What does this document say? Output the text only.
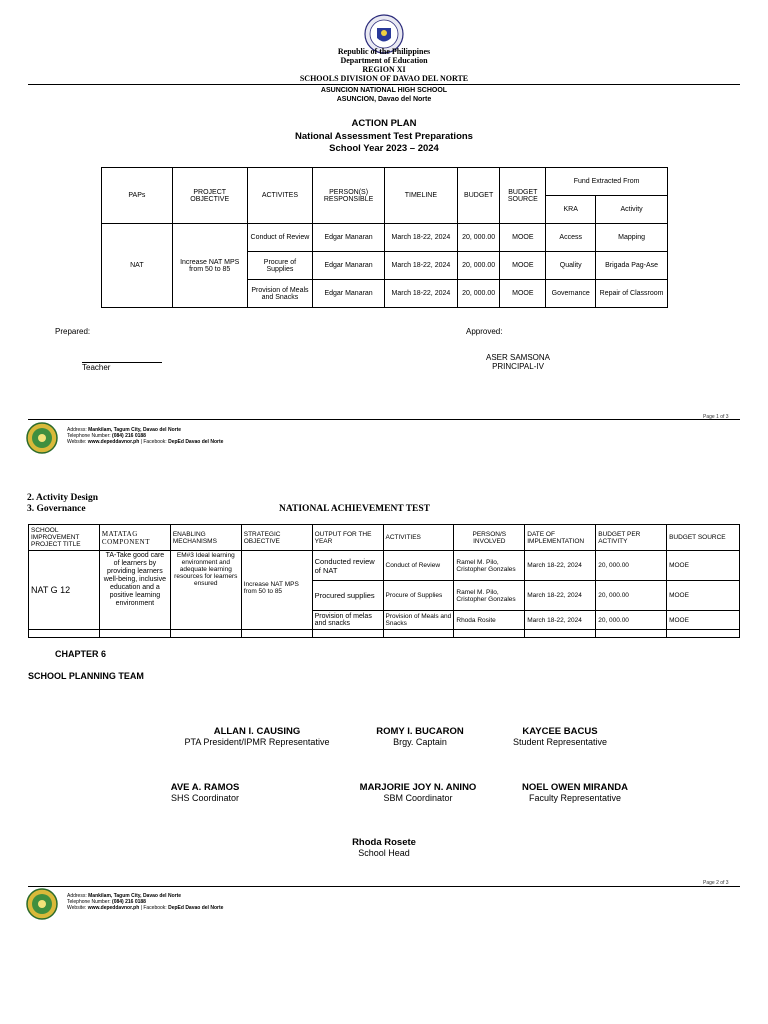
Republic of the Philippines
Department of Education
REGION XI
SCHOOLS DIVISION OF DAVAO DEL NORTE
ASUNCION NATIONAL HIGH SCHOOL
ASUNCION, Davao del Norte
ACTION PLAN
National Assessment Test Preparations
School Year 2023 – 2024
PAPs	PROJECT OBJECTIVE	ACTIVITES	PERSON(S) RESPONSIBLE	TIMELINE	BUDGET	BUDGET SOURCE	Fund Extracted From	
							KRA	Activity
NAT	Increase NAT MPS from 50 to 85	Conduct of Review	Edgar Manaran	March 18-22, 2024	20, 000.00	MOOE	Access	Mapping
		Procure of Supplies	Edgar Manaran	March 18-22, 2024	20, 000.00	MOOE	Quality	Brigada Pag-Ase
		Provision of Meals and Snacks	Edgar Manaran	March 18-22, 2024	20, 000.00	MOOE	Governance	Repair of Classroom
Prepared:
Teacher
Approved:
ASER SAMSONA
PRINCIPAL-IV
Page 1 of 3
Address: Mankilam, Tagum City, Davao del Norte
Telephone Number: (084) 216 0188
Website: www.depeddavnor.ph | Facebook: DepEd Davao del Norte
2. Activity Design
3. Governance	NATIONAL ACHIEVEMENT TEST
SCHOOL IMPROVEMENT PROJECT TITLE	MATATAG COMPONENT	ENABLING MECHANISMS	STRATEGIC OBJECTIVE	OUTPUT FOR THE YEAR	ACTIVITIES	PERSON/S INVOLVED	DATE OF IMPLEMENTATION	BUDGET PER ACTIVITY	BUDGET SOURCE
NAT G 12	TA-Take good care of learners by providing learners well-being, inclusive education and a positive learning environment	EM#3 Ideal learning environment and adequate learning resources for learners ensured	Increase NAT MPS from 50 to 85	Conducted review of NAT	Conduct of Review	Ramel M. Pilo, Cristopher Gonzales	March 18-22, 2024	20, 000.00	MOOE
				Procured supplies	Procure of Supplies	Ramel M. Pilo, Cristopher Gonzales	March 18-22, 2024	20, 000.00	MOOE
				Provision of melas and snacks	Provision of Meals and Snacks	Rhoda Rosite	March 18-22, 2024	20, 000.00	MOOE

CHAPTER 6
SCHOOL PLANNING TEAM
ALLAN I. CAUSING
PTA President/IPMR Representative
ROMY I. BUCARON
Brgy. Captain
KAYCEE BACUS
Student Representative
AVE A. RAMOS
SHS Coordinator
MARJORIE JOY N. ANINO
SBM Coordinator
NOEL OWEN MIRANDA
Faculty Representative
Rhoda Rosete
School Head
Page 2 of 3
Address: Mankilam, Tagum City, Davao del Norte
Telephone Number: (084) 216 0188
Website: www.depeddavnor.ph | Facebook: DepEd Davao del Norte
